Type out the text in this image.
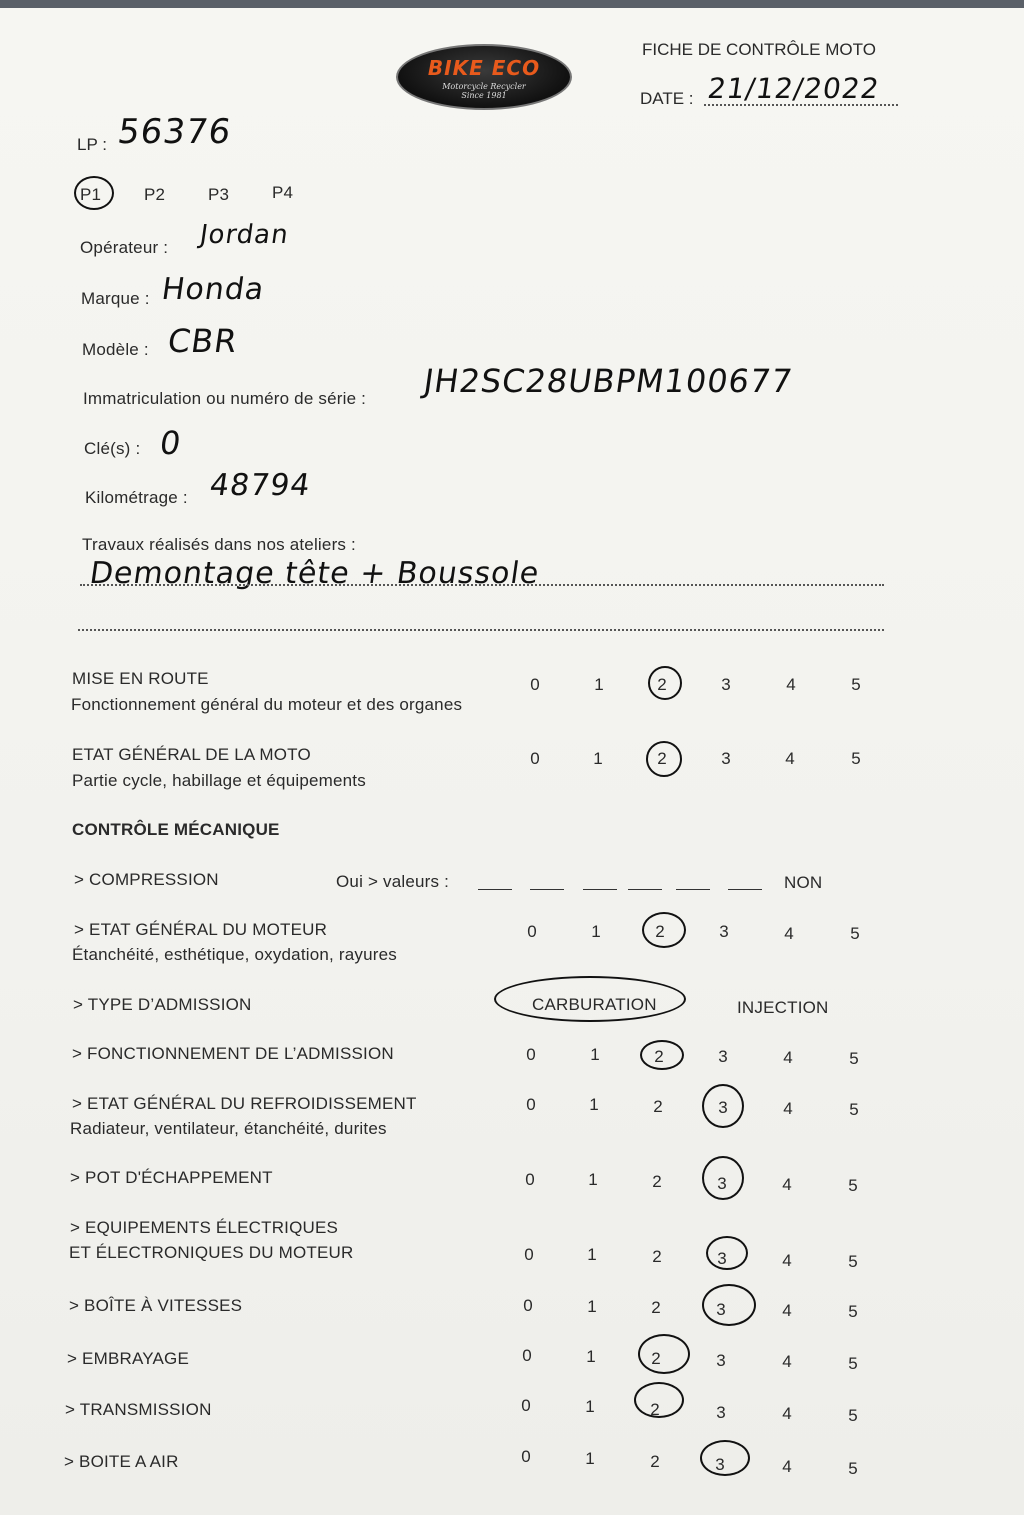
BIKE ECO
Motorcycle Recycler
Since 1981
FICHE DE CONTRÔLE MOTO
DATE : 21/12/2022
LP : 56376
P1	P2	P3	P4
Opérateur : Jordan
Marque : Honda
Modèle : CBR
Immatriculation ou numéro de série : JH2SC28UBPM100677
Clé(s) : 0
Kilométrage : 48794
Travaux réalisés dans nos ateliers :
Demontage tête + Boussole
MISE EN ROUTE
Fonctionnement général du moteur et des organes
0	1	2	3	4	5
ETAT GÉNÉRAL DE LA MOTO
Partie cycle, habillage et équipements
0	1	2	3	4	5
CONTRÔLE MÉCANIQUE
> COMPRESSION	Oui > valeurs :	NON
> ETAT GÉNÉRAL DU MOTEUR
Étanchéité, esthétique, oxydation, rayures
0	1	2	3	4	5
> TYPE D’ADMISSION	CARBURATION	INJECTION
> FONCTIONNEMENT DE L’ADMISSION	0	1	2	3	4	5
> ETAT GÉNÉRAL DU REFROIDISSEMENT
Radiateur, ventilateur, étanchéité, durites
0	1	2	3	4	5
> POT D'ÉCHAPPEMENT	0	1	2	3	4	5
> EQUIPEMENTS ÉLECTRIQUES
ET ÉLECTRONIQUES DU MOTEUR	0	1	2	3	4	5
> BOÎTE À VITESSES	0	1	2	3	4	5
> EMBRAYAGE	0	1	2	3	4	5
> TRANSMISSION	0	1	2	3	4	5
> BOITE A AIR	0	1	2	3	4	5
